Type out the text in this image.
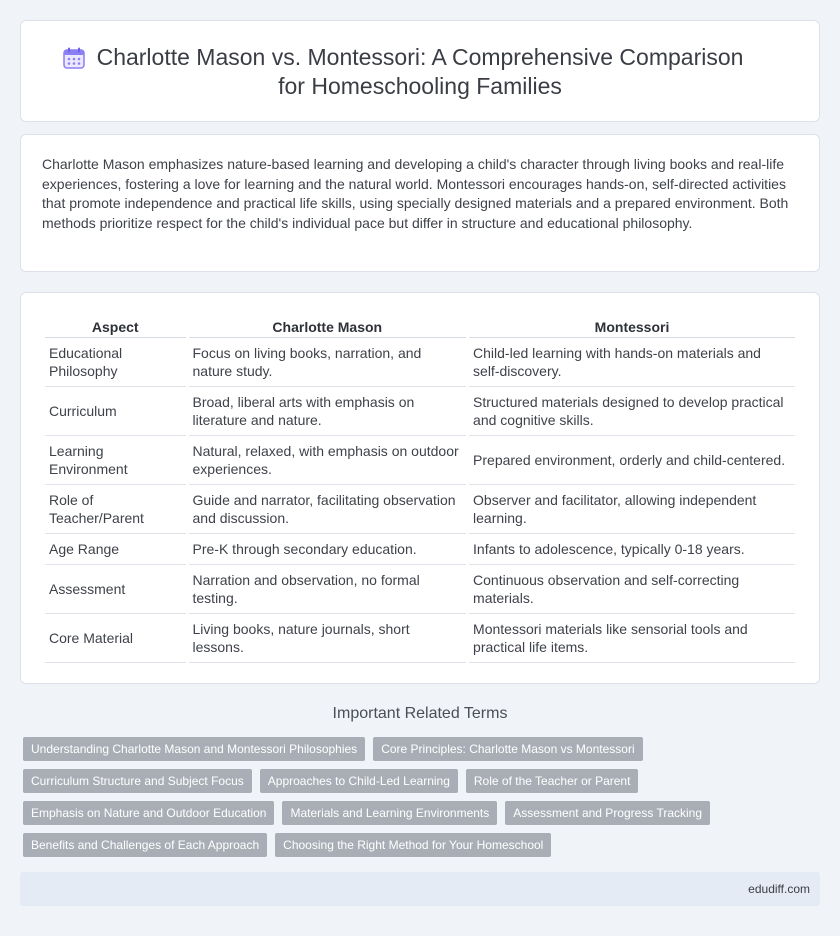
Charlotte Mason vs. Montessori: A Comprehensive Comparison
for Homeschooling Families

Charlotte Mason emphasizes nature-based learning and developing a child's character through living books and real-life experiences, fostering a love for learning and the natural world. Montessori encourages hands-on, self-directed activities that promote independence and practical life skills, using specially designed materials and a prepared environment. Both methods prioritize respect for the child's individual pace but differ in structure and educational philosophy.

Aspect	Charlotte Mason	Montessori
Educational Philosophy	Focus on living books, narration, and nature study.	Child-led learning with hands-on materials and self-discovery.
Curriculum	Broad, liberal arts with emphasis on literature and nature.	Structured materials designed to develop practical and cognitive skills.
Learning Environment	Natural, relaxed, with emphasis on outdoor experiences.	Prepared environment, orderly and child-centered.
Role of Teacher/Parent	Guide and narrator, facilitating observation and discussion.	Observer and facilitator, allowing independent learning.
Age Range	Pre-K through secondary education.	Infants to adolescence, typically 0-18 years.
Assessment	Narration and observation, no formal testing.	Continuous observation and self-correcting materials.
Core Material	Living books, nature journals, short lessons.	Montessori materials like sensorial tools and practical life items.
Important Related Terms
Understanding Charlotte Mason and Montessori Philosophies	Core Principles: Charlotte Mason vs Montessori
Curriculum Structure and Subject Focus	Approaches to Child-Led Learning	Role of the Teacher or Parent
Emphasis on Nature and Outdoor Education	Materials and Learning Environments	Assessment and Progress Tracking
Benefits and Challenges of Each Approach	Choosing the Right Method for Your Homeschool
edudiff.com
